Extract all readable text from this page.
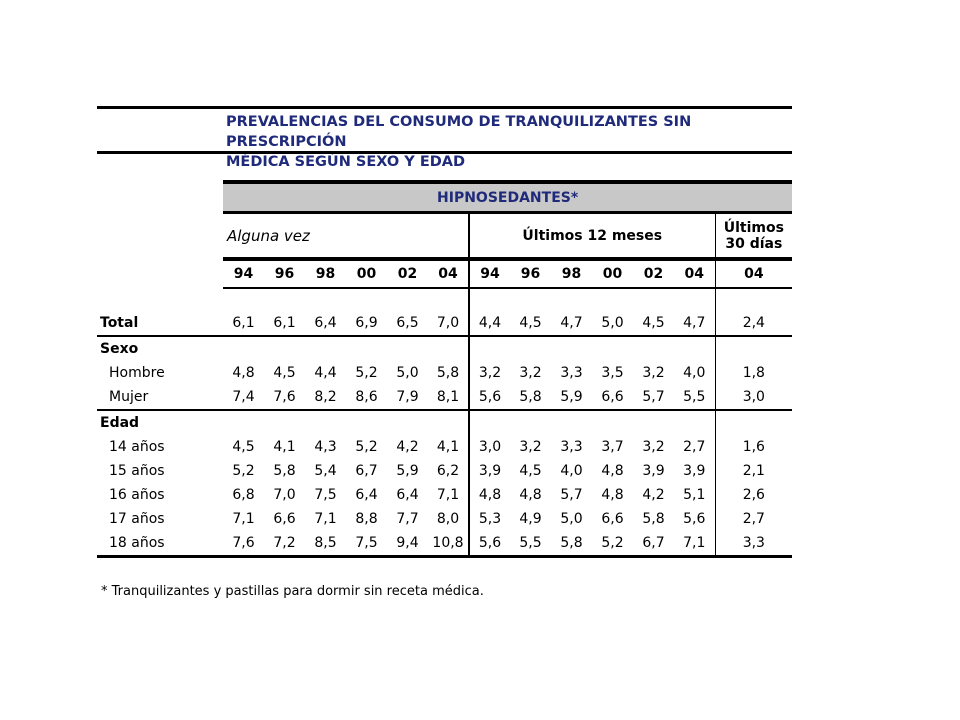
PREVALENCIAS DEL CONSUMO DE TRANQUILIZANTES SIN PRESCRIPCIÓN
MÉDICA SEGÚN SEXO Y EDAD
	HIPNOSEDANTES*												
	Alguna vez						Últimos 12 meses						Últimos
30 días

	94	96	98	00	02	04	94	96	98	00	02	04	04

Total	6,1	6,1	6,4	6,9	6,5	7,0	4,4	4,5	4,7	5,0	4,5	4,7	2,4
Sexo													
Hombre	4,8	4,5	4,4	5,2	5,0	5,8	3,2	3,2	3,3	3,5	3,2	4,0	1,8
Mujer	7,4	7,6	8,2	8,6	7,9	8,1	5,6	5,8	5,9	6,6	5,7	5,5	3,0
Edad													
14 años	4,5	4,1	4,3	5,2	4,2	4,1	3,0	3,2	3,3	3,7	3,2	2,7	1,6
15 años	5,2	5,8	5,4	6,7	5,9	6,2	3,9	4,5	4,0	4,8	3,9	3,9	2,1
16 años	6,8	7,0	7,5	6,4	6,4	7,1	4,8	4,8	5,7	4,8	4,2	5,1	2,6
17 años	7,1	6,6	7,1	8,8	7,7	8,0	5,3	4,9	5,0	6,6	5,8	5,6	2,7
18 años	7,6	7,2	8,5	7,5	9,4	10,8	5,6	5,5	5,8	5,2	6,7	7,1	3,3
* Tranquilizantes y pastillas para dormir sin receta médica.
